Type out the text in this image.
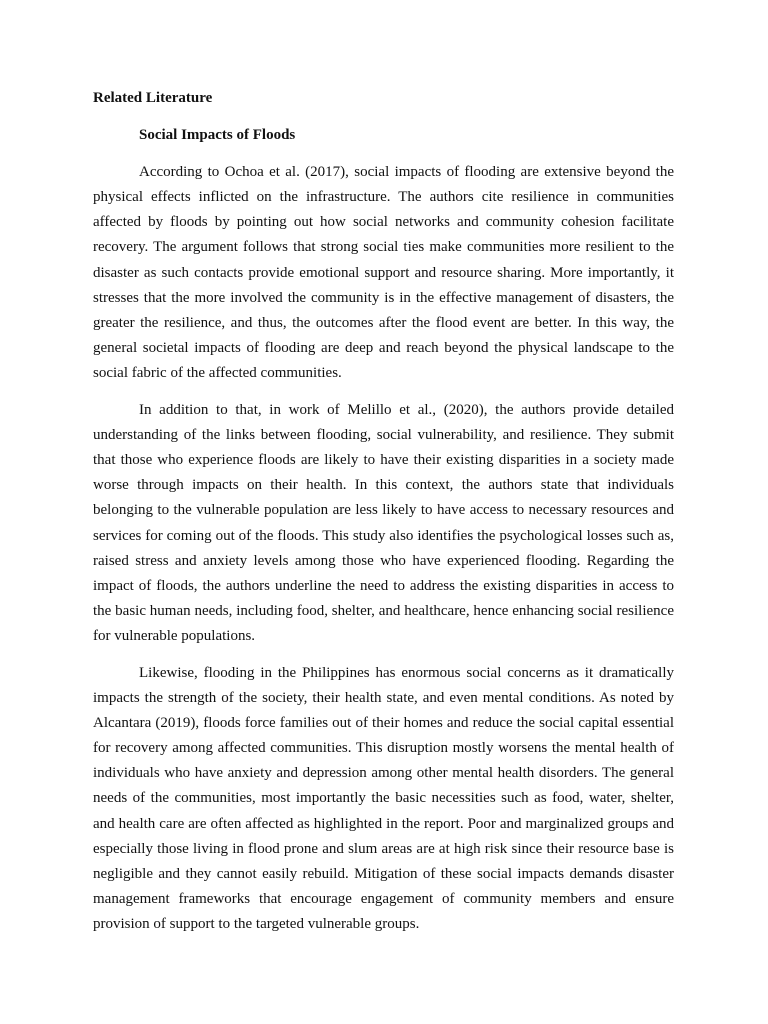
Related Literature
Social Impacts of Floods

According to Ochoa et al. (2017), social impacts of flooding are extensive beyond the physical effects inflicted on the infrastructure. The authors cite resilience in communities affected by floods by pointing out how social networks and community cohesion facilitate recovery. The argument follows that strong social ties make communities more resilient to the disaster as such contacts provide emotional support and resource sharing. More importantly, it stresses that the more involved the community is in the effective management of disasters, the greater the resilience, and thus, the outcomes after the flood event are better. In this way, the general societal impacts of flooding are deep and reach beyond the physical landscape to the social fabric of the affected communities.

In addition to that, in work of Melillo et al., (2020), the authors provide detailed understanding of the links between flooding, social vulnerability, and resilience. They submit that those who experience floods are likely to have their existing disparities in a society made worse through impacts on their health. In this context, the authors state that individuals belonging to the vulnerable population are less likely to have access to necessary resources and services for coming out of the floods. This study also identifies the psychological losses such as, raised stress and anxiety levels among those who have experienced flooding. Regarding the impact of floods, the authors underline the need to address the existing disparities in access to the basic human needs, including food, shelter, and healthcare, hence enhancing social resilience for vulnerable populations.

Likewise, flooding in the Philippines has enormous social concerns as it dramatically impacts the strength of the society, their health state, and even mental conditions. As noted by Alcantara (2019), floods force families out of their homes and reduce the social capital essential for recovery among affected communities. This disruption mostly worsens the mental health of individuals who have anxiety and depression among other mental health disorders. The general needs of the communities, most importantly the basic necessities such as food, water, shelter, and health care are often affected as highlighted in the report. Poor and marginalized groups and especially those living in flood prone and slum areas are at high risk since their resource base is negligible and they cannot easily rebuild. Mitigation of these social impacts demands disaster management frameworks that encourage engagement of community members and ensure provision of support to the targeted vulnerable groups.
